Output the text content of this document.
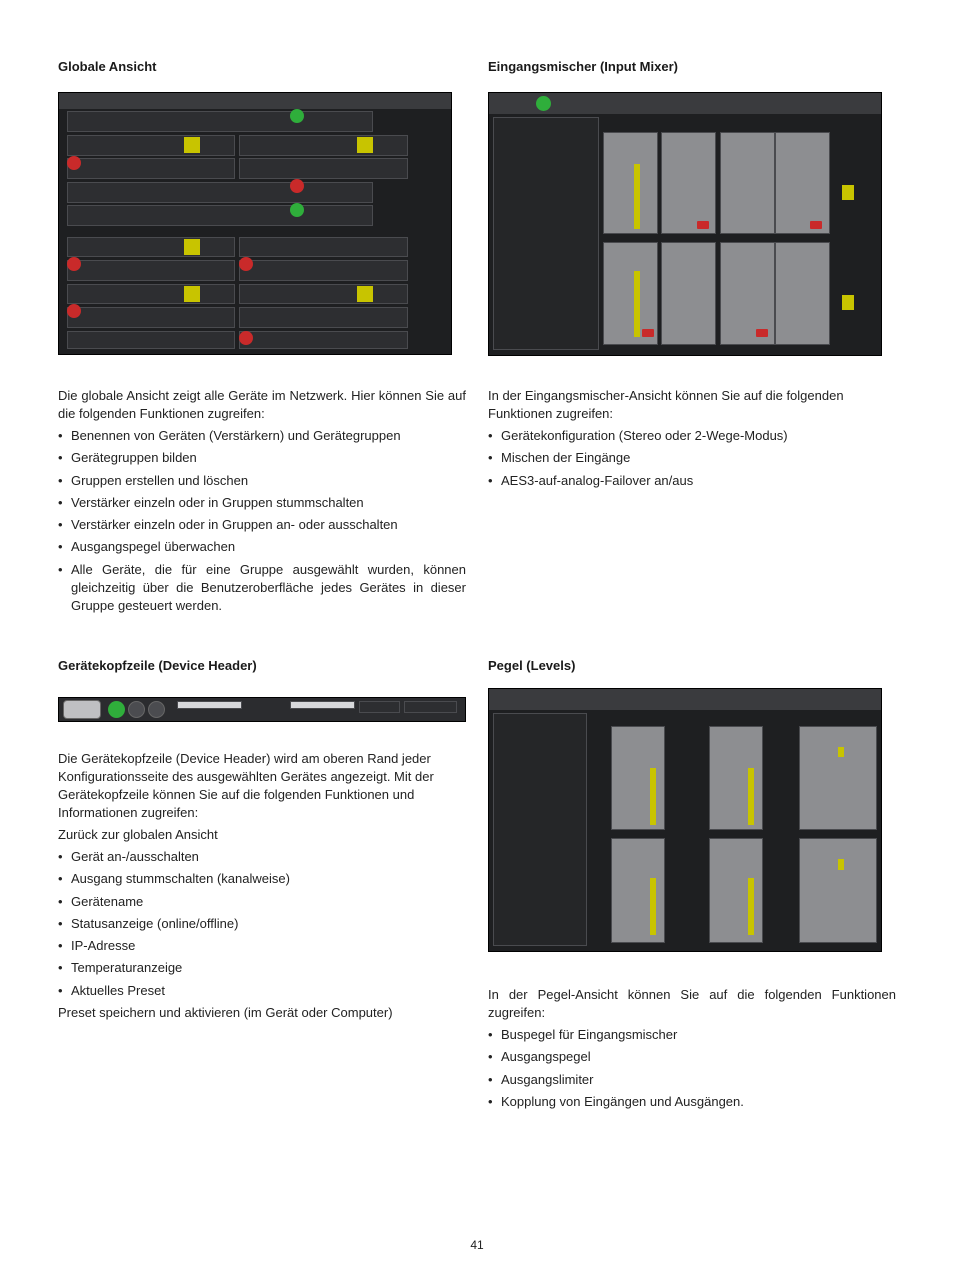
Globale Ansicht

Die globale Ansicht zeigt alle Geräte im Netzwerk. Hier können Sie auf die folgenden Funktionen zugreifen:

• Benennen von Geräten (Verstärkern) und Gerätegruppen
• Gerätegruppen bilden
• Gruppen erstellen und löschen
• Verstärker einzeln oder in Gruppen stummschalten
• Verstärker einzeln oder in Gruppen an- oder ausschalten
• Ausgangspegel überwachen
• Alle Geräte, die für eine Gruppe ausgewählt wurden, können gleichzeitig über die Benutzeroberfläche jedes Gerätes in dieser Gruppe gesteuert werden.
Gerätekopfzeile (Device Header)

Die Gerätekopfzeile (Device Header) wird am oberen Rand jeder Konfigurationsseite des ausgewählten Gerätes angezeigt. Mit der Gerätekopfzeile können Sie auf die folgenden Funktionen und Informationen zugreifen:

Zurück zur globalen Ansicht

• Gerät an-/ausschalten
• Ausgang stummschalten (kanalweise)
• Gerätename
• Statusanzeige (online/offline)
• IP-Adresse
• Temperaturanzeige
• Aktuelles Preset

Preset speichern und aktivieren (im Gerät oder Computer)

Eingangsmischer (Input Mixer)

In der Eingangsmischer-Ansicht können Sie auf die folgenden Funktionen zugreifen:

• Gerätekonfiguration (Stereo oder 2-Wege-Modus)
• Mischen der Eingänge
• AES3-auf-analog-Failover an/aus
Pegel (Levels)

In der Pegel-Ansicht können Sie auf die folgenden Funktionen zugreifen:

• Buspegel für Eingangsmischer
• Ausgangspegel
• Ausgangslimiter
• Kopplung von Eingängen und Ausgängen.
41
